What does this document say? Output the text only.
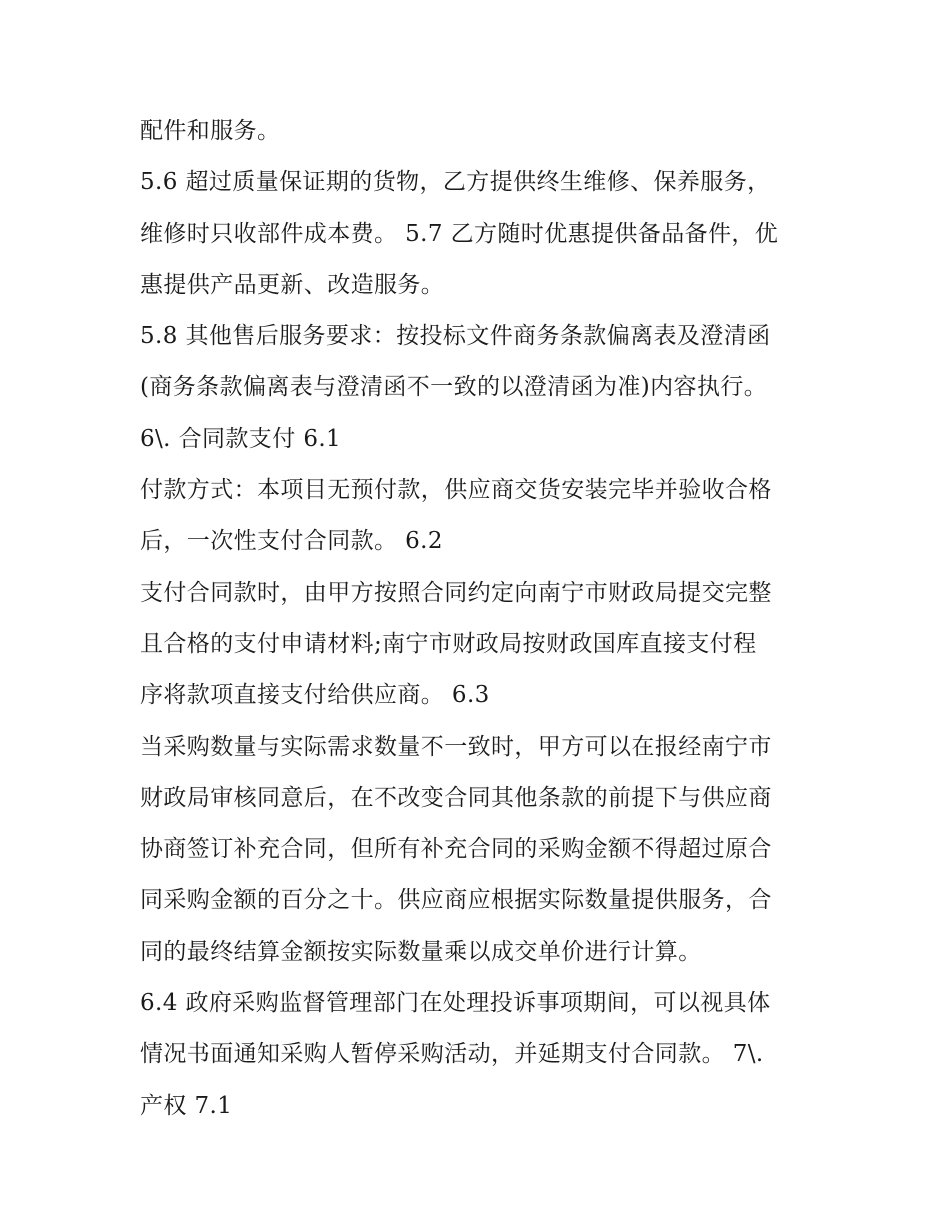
配件和服务。
5.6 超过质量保证期的货物，乙方提供终生维修、保养服务，
维修时只收部件成本费。 5.7 乙方随时优惠提供备品备件，优
惠提供产品更新、改造服务。
5.8 其他售后服务要求：按投标文件商务条款偏离表及澄清函
(商务条款偏离表与澄清函不一致的以澄清函为准)内容执行。
6\. 合同款支付 6.1
付款方式：本项目无预付款，供应商交货安装完毕并验收合格
后，一次性支付合同款。 6.2
支付合同款时，由甲方按照合同约定向南宁市财政局提交完整
且合格的支付申请材料;南宁市财政局按财政国库直接支付程
序将款项直接支付给供应商。 6.3
当采购数量与实际需求数量不一致时，甲方可以在报经南宁市
财政局审核同意后，在不改变合同其他条款的前提下与供应商
协商签订补充合同，但所有补充合同的采购金额不得超过原合
同采购金额的百分之十。供应商应根据实际数量提供服务，合
同的最终结算金额按实际数量乘以成交单价进行计算。
6.4 政府采购监督管理部门在处理投诉事项期间，可以视具体
情况书面通知采购人暂停采购活动，并延期支付合同款。 7\.
产权 7.1
